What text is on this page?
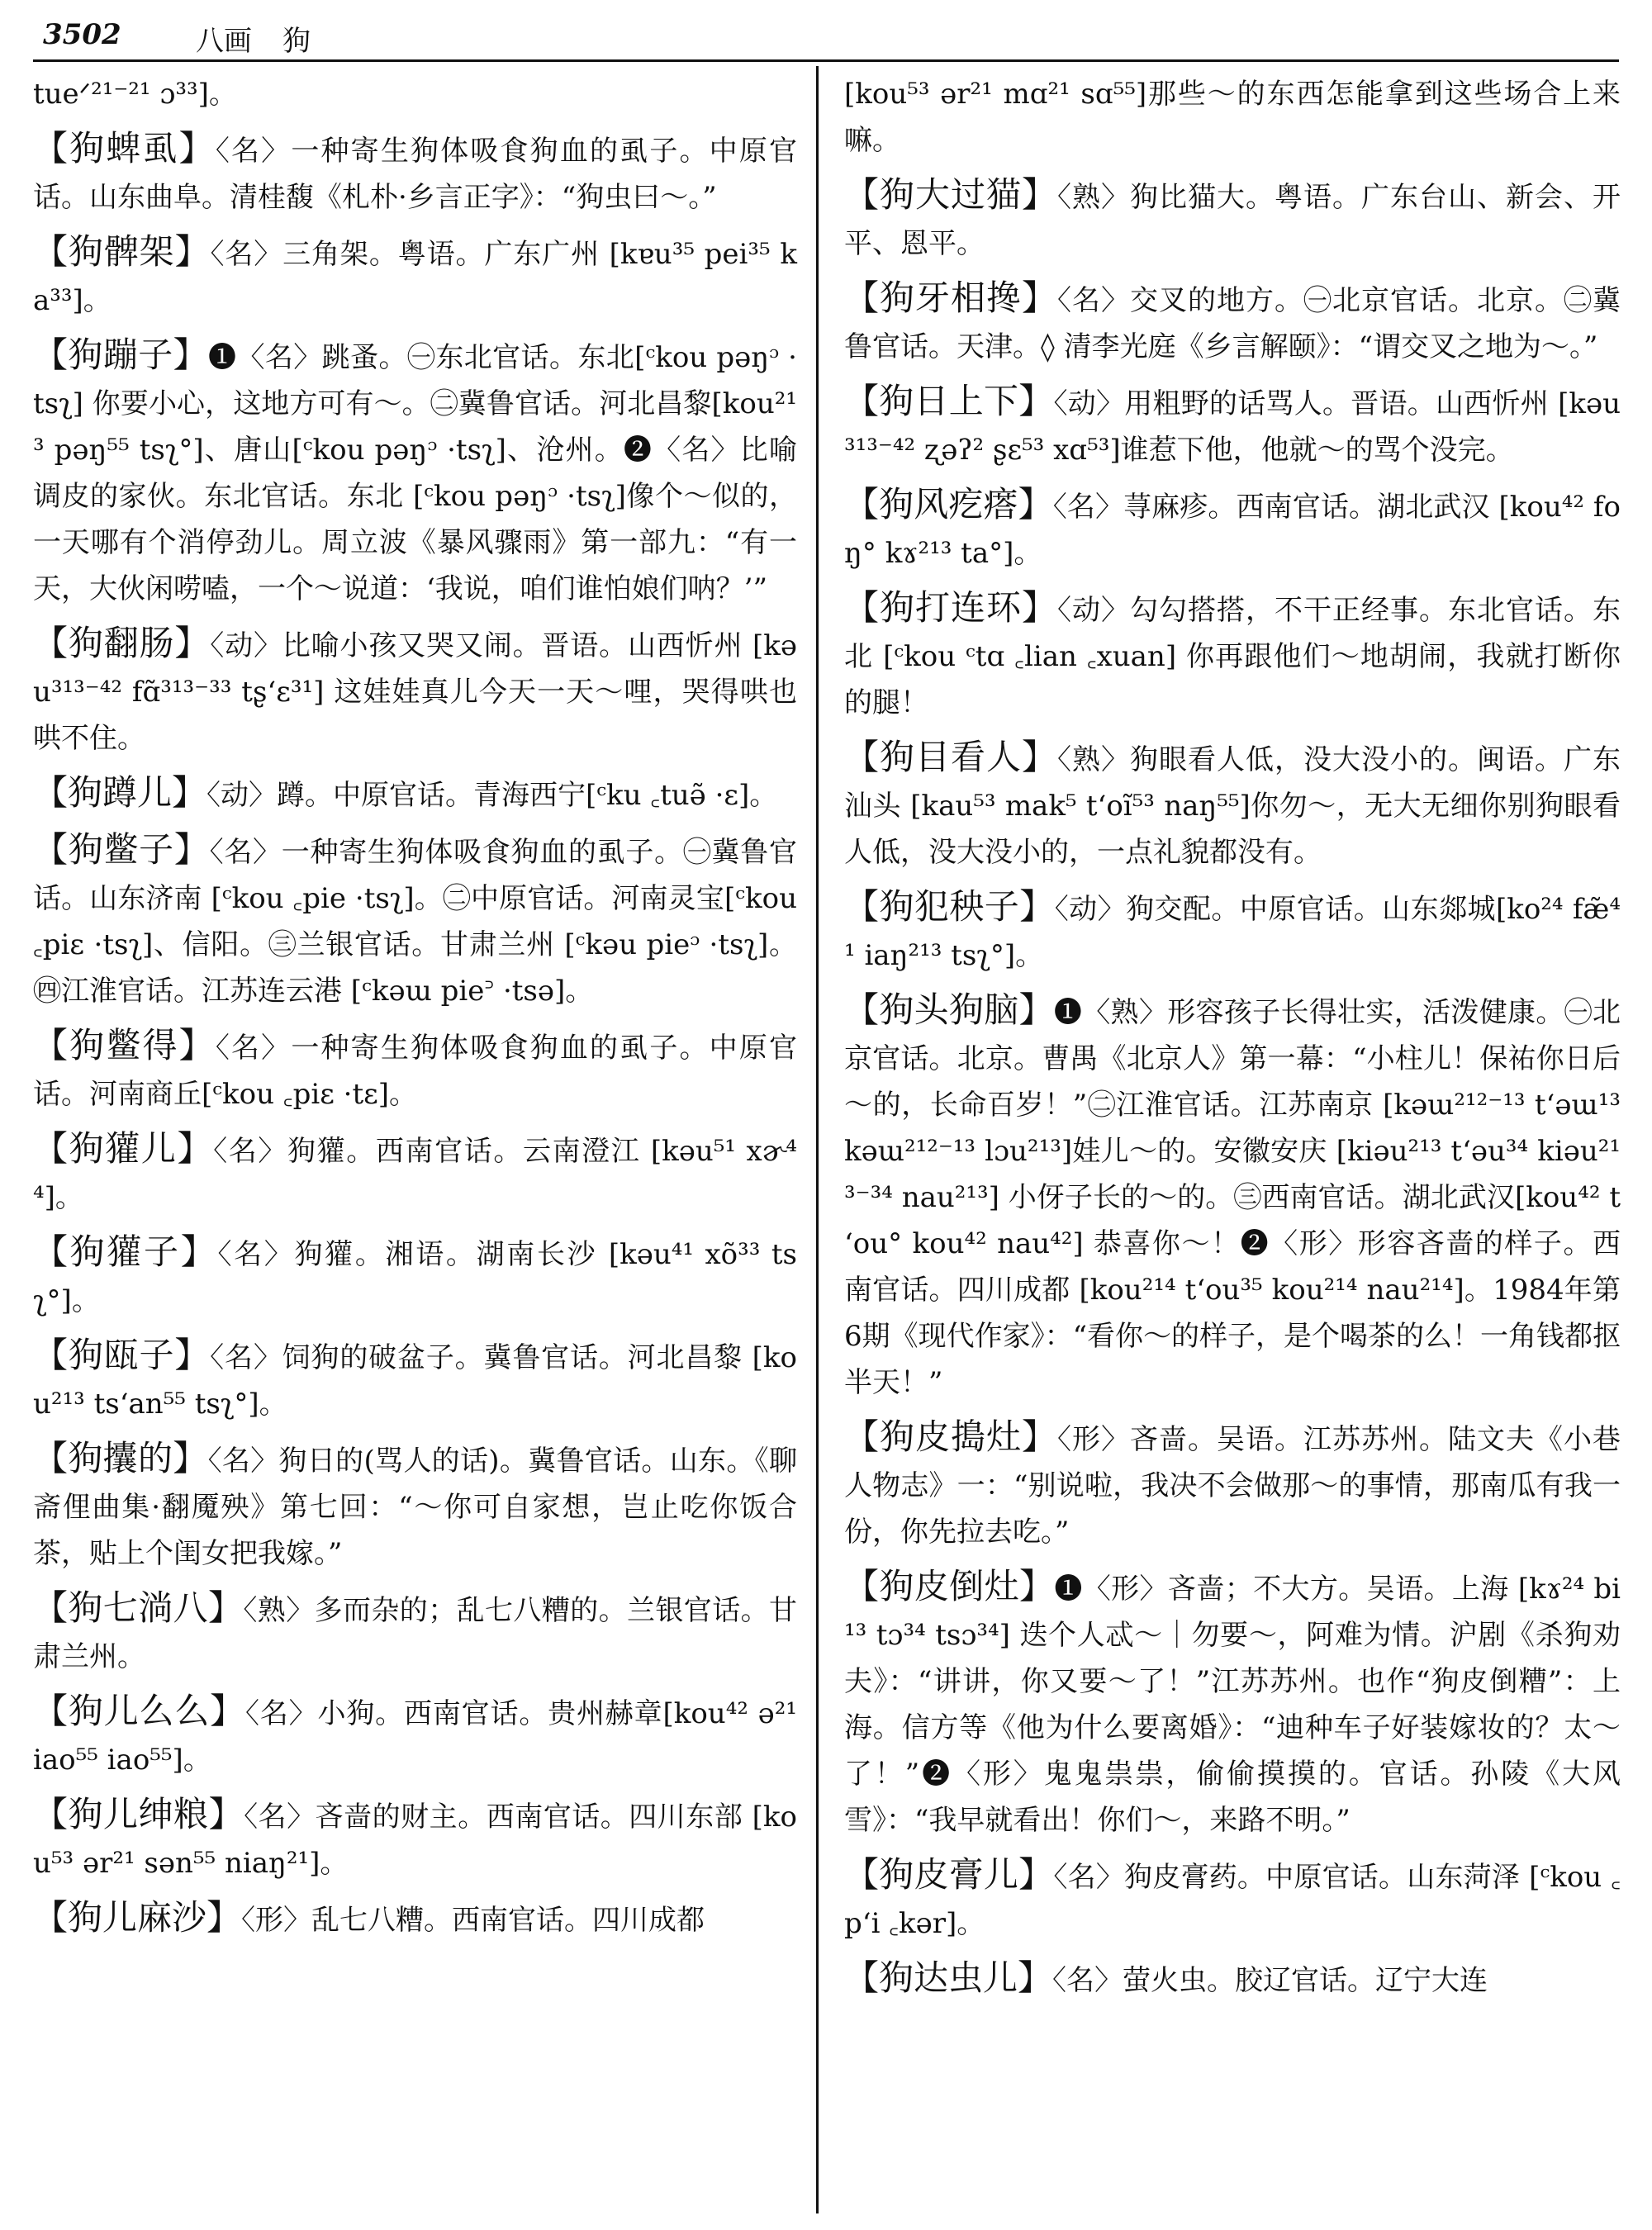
3502	八画 狗

tueᐟ²¹⁻²¹ ɔ³³]。

【狗蜱虱】〈名〉一种寄生狗体吸食狗血的虱子。中原官话。山东曲阜。清桂馥《札朴·乡言正字》：“狗虫曰～。”

【狗髀架】〈名〉三角架。粤语。广东广州 [kɐu³⁵ pei³⁵ ka³³]。

【狗蹦子】❶〈名〉跳蚤。㊀东北官话。东北[ᶜkou pəŋᵓ ·tsʅ] 你要小心，这地方可有～。㊁冀鲁官话。河北昌黎[kou²¹³ pəŋ⁵⁵ tsʅ°]、唐山[ᶜkou pəŋᵓ ·tsʅ]、沧州。❷〈名〉比喻调皮的家伙。东北官话。东北 [ᶜkou pəŋᵓ ·tsʅ]像个～似的，一天哪有个消停劲儿。周立波《暴风骤雨》第一部九：“有一天，大伙闲唠嗑，一个～说道：‘我说，咱们谁怕娘们呐？’”

【狗翻肠】〈动〉比喻小孩又哭又闹。晋语。山西忻州 [kəu³¹³⁻⁴² fɑ̃³¹³⁻³³ tʂʻɛ³¹] 这娃娃真儿今天一天～哩，哭得哄也哄不住。

【狗蹲儿】〈动〉蹲。中原官话。青海西宁[ᶜku ꜀tuə̃ ·ɛ]。

【狗鳖子】〈名〉一种寄生狗体吸食狗血的虱子。㊀冀鲁官话。山东济南 [ᶜkou ꜀pie ·tsʅ]。㊁中原官话。河南灵宝[ᶜkou ꜀piɛ ·tsʅ]、信阳。㊂兰银官话。甘肃兰州 [ᶜkəu pieᵓ ·tsʅ]。㊃江淮官话。江苏连云港 [ᶜkəɯ pie꜄ ·tsə]。

【狗鳖得】〈名〉一种寄生狗体吸食狗血的虱子。中原官话。河南商丘[ᶜkou ꜀piɛ ·tɛ]。

【狗獾儿】〈名〉狗獾。西南官话。云南澄江 [kəu⁵¹ xɚ⁴⁴]。

【狗獾子】〈名〉狗獾。湘语。湖南长沙 [kəu⁴¹ xõ³³ tsʅ°]。

【狗瓯子】〈名〉饲狗的破盆子。冀鲁官话。河北昌黎 [kou²¹³ tsʻan⁵⁵ tsʅ°]。

【狗攮的】〈名〉狗日的(骂人的话)。冀鲁官话。山东。《聊斋俚曲集·翻魇殃》第七回：“～你可自家想，岂止吃你饭合茶，贴上个闺女把我嫁。”

【狗七淌八】〈熟〉多而杂的；乱七八糟的。兰银官话。甘肃兰州。

【狗儿么么】〈名〉小狗。西南官话。贵州赫章[kou⁴² ə²¹ iao⁵⁵ iao⁵⁵]。

【狗儿绅粮】〈名〉吝啬的财主。西南官话。四川东部 [kou⁵³ ər²¹ sən⁵⁵ niaŋ²¹]。

【狗儿麻沙】〈形〉乱七八糟。西南官话。四川成都

[kou⁵³ ər²¹ mɑ²¹ sɑ⁵⁵]那些～的东西怎能拿到这些场合上来嘛。

【狗大过猫】〈熟〉狗比猫大。粤语。广东台山、新会、开平、恩平。

【狗牙相搀】〈名〉交叉的地方。㊀北京官话。北京。㊁冀鲁官话。天津。◊ 清李光庭《乡言解颐》：“谓交叉之地为～。”

【狗日上下】〈动〉用粗野的话骂人。晋语。山西忻州 [kəu³¹³⁻⁴² ʐəʔ² ʂɛ⁵³ xɑ⁵³]谁惹下他，他就～的骂个没完。

【狗风疙瘩】〈名〉荨麻疹。西南官话。湖北武汉 [kou⁴² foŋ° kɤ²¹³ ta°]。

【狗打连环】〈动〉勾勾搭搭，不干正经事。东北官话。东北 [ᶜkou ᶜtɑ ꜀lian ꜀xuan] 你再跟他们～地胡闹，我就打断你的腿！

【狗目看人】〈熟〉狗眼看人低，没大没小的。闽语。广东汕头 [kau⁵³ mak⁵ tʻoĩ⁵³ naŋ⁵⁵]你勿～，无大无细你别狗眼看人低，没大没小的，一点礼貌都没有。

【狗犯秧子】〈动〉狗交配。中原官话。山东郯城[ko²⁴ fæ̃⁴¹ iaŋ²¹³ tsʅ°]。

【狗头狗脑】❶〈熟〉形容孩子长得壮实，活泼健康。㊀北京官话。北京。曹禺《北京人》第一幕：“小柱儿！保祐你日后～的，长命百岁！”㊁江淮官话。江苏南京 [kəɯ²¹²⁻¹³ tʻəɯ¹³ kəɯ²¹²⁻¹³ lɔu²¹³]娃儿～的。安徽安庆 [kiəu²¹³ tʻəu³⁴ kiəu²¹³⁻³⁴ nau²¹³] 小伢子长的～的。㊂西南官话。湖北武汉[kou⁴² tʻou° kou⁴² nau⁴²] 恭喜你～！❷〈形〉形容吝啬的样子。西南官话。四川成都 [kou²¹⁴ tʻou³⁵ kou²¹⁴ nau²¹⁴]。1984年第6期《现代作家》：“看你～的样子，是个喝茶的么！一角钱都抠半天！”

【狗皮搗灶】〈形〉吝啬。吴语。江苏苏州。陆文夫《小巷人物志》一：“别说啦，我决不会做那～的事情，那南瓜有我一份，你先拉去吃。”

【狗皮倒灶】❶〈形〉吝啬；不大方。吴语。上海 [kɤ²⁴ bi¹³ tɔ³⁴ tsɔ³⁴] 迭个人忒～｜勿要～，阿难为情。沪剧《杀狗劝夫》：“讲讲，你又要～了！”江苏苏州。也作“狗皮倒糟”：上海。信方等《他为什么要离婚》：“迪种车子好装嫁妆的？太～了！”❷〈形〉鬼鬼祟祟，偷偷摸摸的。官话。孙陵《大风雪》：“我早就看出！你们～，来路不明。”

【狗皮膏儿】〈名〉狗皮膏药。中原官话。山东菏泽 [ᶜkou ꜀pʻi ꜀kər]。

【狗达虫儿】〈名〉萤火虫。胶辽官话。辽宁大连
